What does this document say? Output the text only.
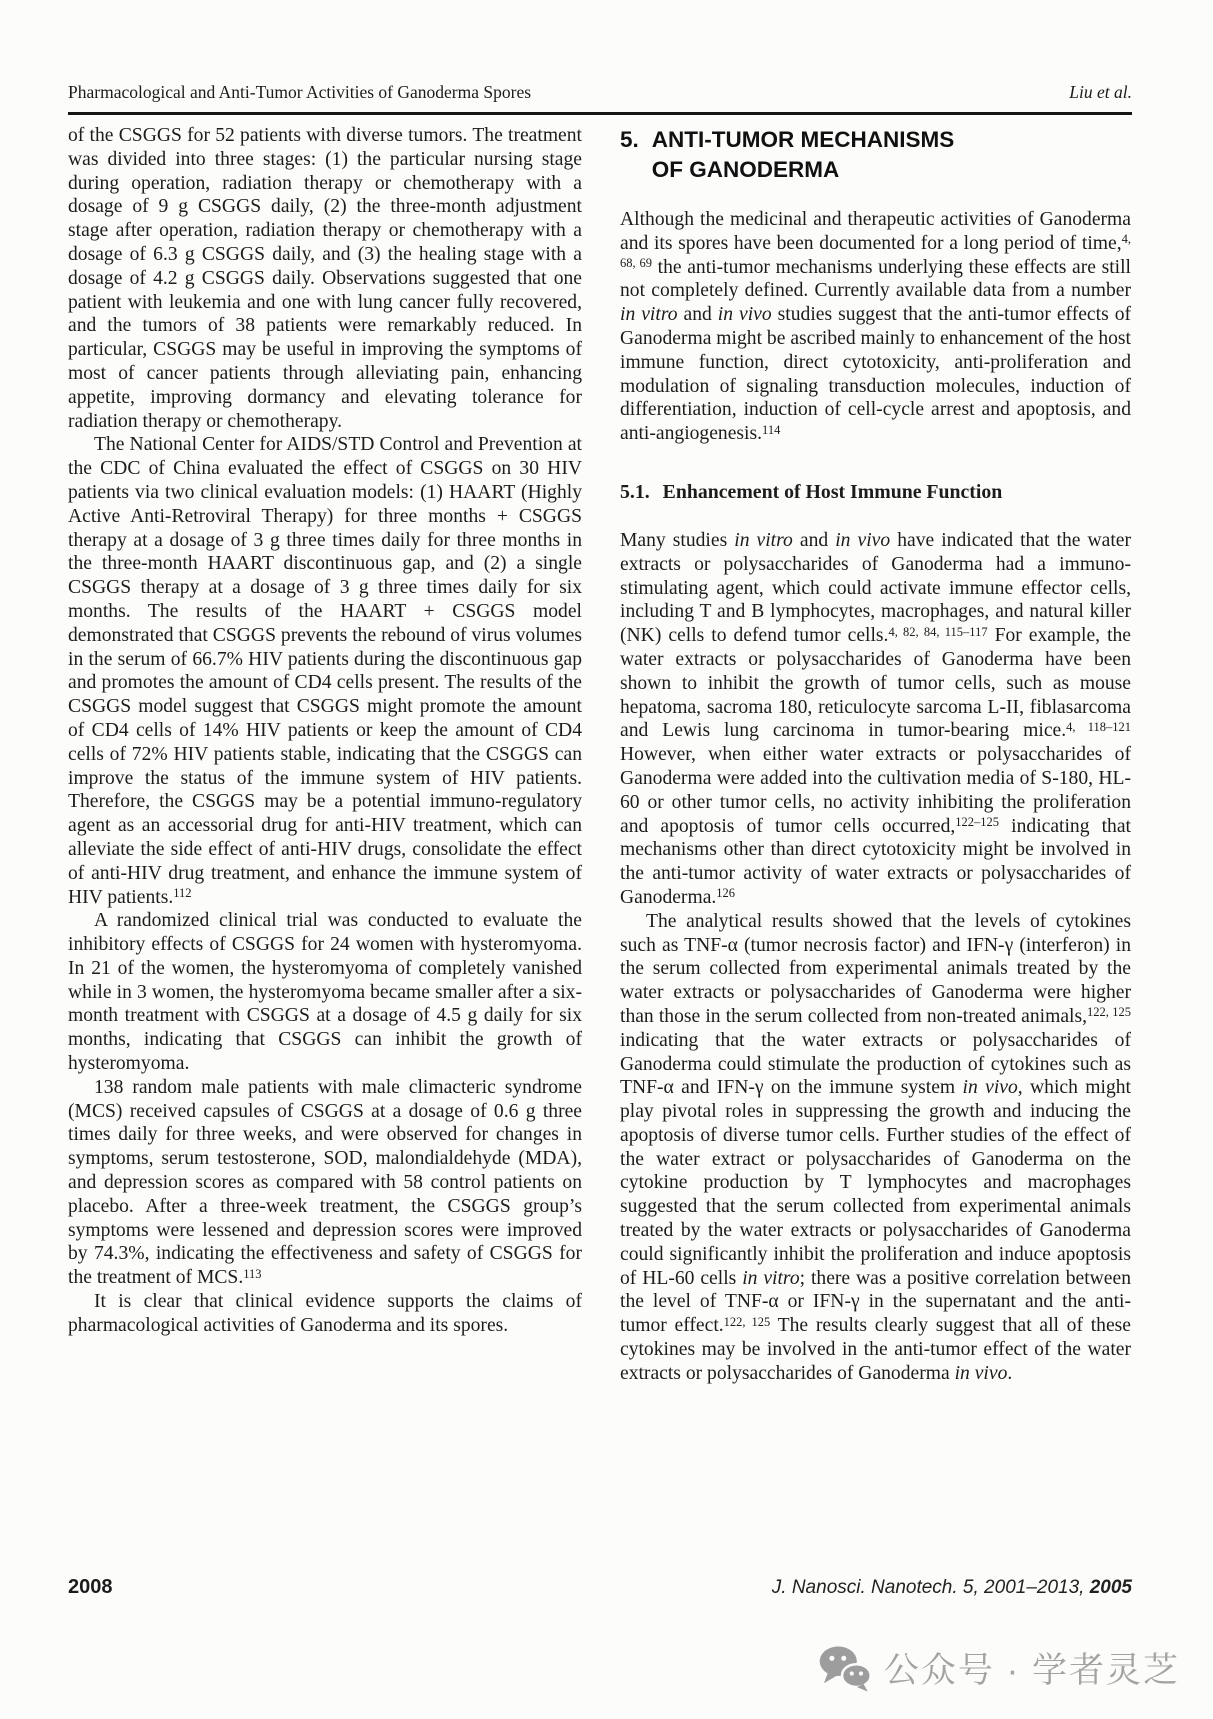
Pharmacological and Anti-Tumor Activities of Ganoderma Spores	Liu et al.

of the CSGGS for 52 patients with diverse tumors. The treatment was divided into three stages: (1) the particular nursing stage during operation, radiation therapy or chemotherapy with a dosage of 9 g CSGGS daily, (2) the three-month adjustment stage after operation, radiation therapy or chemotherapy with a dosage of 6.3 g CSGGS daily, and (3) the healing stage with a dosage of 4.2 g CSGGS daily. Observations suggested that one patient with leukemia and one with lung cancer fully recovered, and the tumors of 38 patients were remarkably reduced. In particular, CSGGS may be useful in improving the symptoms of most of cancer patients through alleviating pain, enhancing appetite, improving dormancy and elevating tolerance for radiation therapy or chemotherapy.

The National Center for AIDS/STD Control and Prevention at the CDC of China evaluated the effect of CSGGS on 30 HIV patients via two clinical evaluation models: (1) HAART (Highly Active Anti-Retroviral Therapy) for three months + CSGGS therapy at a dosage of 3 g three times daily for three months in the three-month HAART discontinuous gap, and (2) a single CSGGS therapy at a dosage of 3 g three times daily for six months. The results of the HAART + CSGGS model demonstrated that CSGGS prevents the rebound of virus volumes in the serum of 66.7% HIV patients during the discontinuous gap and promotes the amount of CD4 cells present. The results of the CSGGS model suggest that CSGGS might promote the amount of CD4 cells of 14% HIV patients or keep the amount of CD4 cells of 72% HIV patients stable, indicating that the CSGGS can improve the status of the immune system of HIV patients. Therefore, the CSGGS may be a potential immuno-regulatory agent as an accessorial drug for anti-HIV treatment, which can alleviate the side effect of anti-HIV drugs, consolidate the effect of anti-HIV drug treatment, and enhance the immune system of HIV patients.$^{112}$

A randomized clinical trial was conducted to evaluate the inhibitory effects of CSGGS for 24 women with hysteromyoma. In 21 of the women, the hysteromyoma of completely vanished while in 3 women, the hysteromyoma became smaller after a six-month treatment with CSGGS at a dosage of 4.5 g daily for six months, indicating that CSGGS can inhibit the growth of hysteromyoma.

138 random male patients with male climacteric syndrome (MCS) received capsules of CSGGS at a dosage of 0.6 g three times daily for three weeks, and were observed for changes in symptoms, serum testosterone, SOD, malondialdehyde (MDA), and depression scores as compared with 58 control patients on placebo. After a three-week treatment, the CSGGS group’s symptoms were lessened and depression scores were improved by 74.3%, indicating the effectiveness and safety of CSGGS for the treatment of MCS.$^{113}$

It is clear that clinical evidence supports the claims of pharmacological activities of Ganoderma and its spores.

5. ANTI-TUMOR MECHANISMS
OF GANODERMA

Although the medicinal and therapeutic activities of Ganoderma and its spores have been documented for a long period of time,$^{4, 68, 69}$ the anti-tumor mechanisms underlying these effects are still not completely defined. Currently available data from a number in vitro and in vivo studies suggest that the anti-tumor effects of Ganoderma might be ascribed mainly to enhancement of the host immune function, direct cytotoxicity, anti-proliferation and modulation of signaling transduction molecules, induction of differentiation, induction of cell-cycle arrest and apoptosis, and anti-angiogenesis.$^{114}$

5.1. Enhancement of Host Immune Function

Many studies in vitro and in vivo have indicated that the water extracts or polysaccharides of Ganoderma had a immuno-stimulating agent, which could activate immune effector cells, including T and B lymphocytes, macrophages, and natural killer (NK) cells to defend tumor cells.$^{4, 82, 84, 115-117}$ For example, the water extracts or polysaccharides of Ganoderma have been shown to inhibit the growth of tumor cells, such as mouse hepatoma, sacroma 180, reticulocyte sarcoma L-II, fiblasarcoma and Lewis lung carcinoma in tumor-bearing mice.$^{4, 118-121}$ However, when either water extracts or polysaccharides of Ganoderma were added into the cultivation media of S-180, HL-60 or other tumor cells, no activity inhibiting the proliferation and apoptosis of tumor cells occurred,$^{122-125}$ indicating that mechanisms other than direct cytotoxicity might be involved in the anti-tumor activity of water extracts or polysaccharides of Ganoderma.$^{126}$

The analytical results showed that the levels of cytokines such as TNF-α (tumor necrosis factor) and IFN-γ (interferon) in the serum collected from experimental animals treated by the water extracts or polysaccharides of Ganoderma were higher than those in the serum collected from non-treated animals,$^{122, 125}$ indicating that the water extracts or polysaccharides of Ganoderma could stimulate the production of cytokines such as TNF-α and IFN-γ on the immune system in vivo, which might play pivotal roles in suppressing the growth and inducing the apoptosis of diverse tumor cells. Further studies of the effect of the water extract or polysaccharides of Ganoderma on the cytokine production by T lymphocytes and macrophages suggested that the serum collected from experimental animals treated by the water extracts or polysaccharides of Ganoderma could significantly inhibit the proliferation and induce apoptosis of HL-60 cells in vitro; there was a positive correlation between the level of TNF-α or IFN-γ in the supernatant and the anti-tumor effect.$^{122, 125}$ The results clearly suggest that all of these cytokines may be involved in the anti-tumor effect of the water extracts or polysaccharides of Ganoderma in vivo.

2008	J. Nanosci. Nanotech. 5, 2001–2013, 2005
公众号 · 学者灵芝
